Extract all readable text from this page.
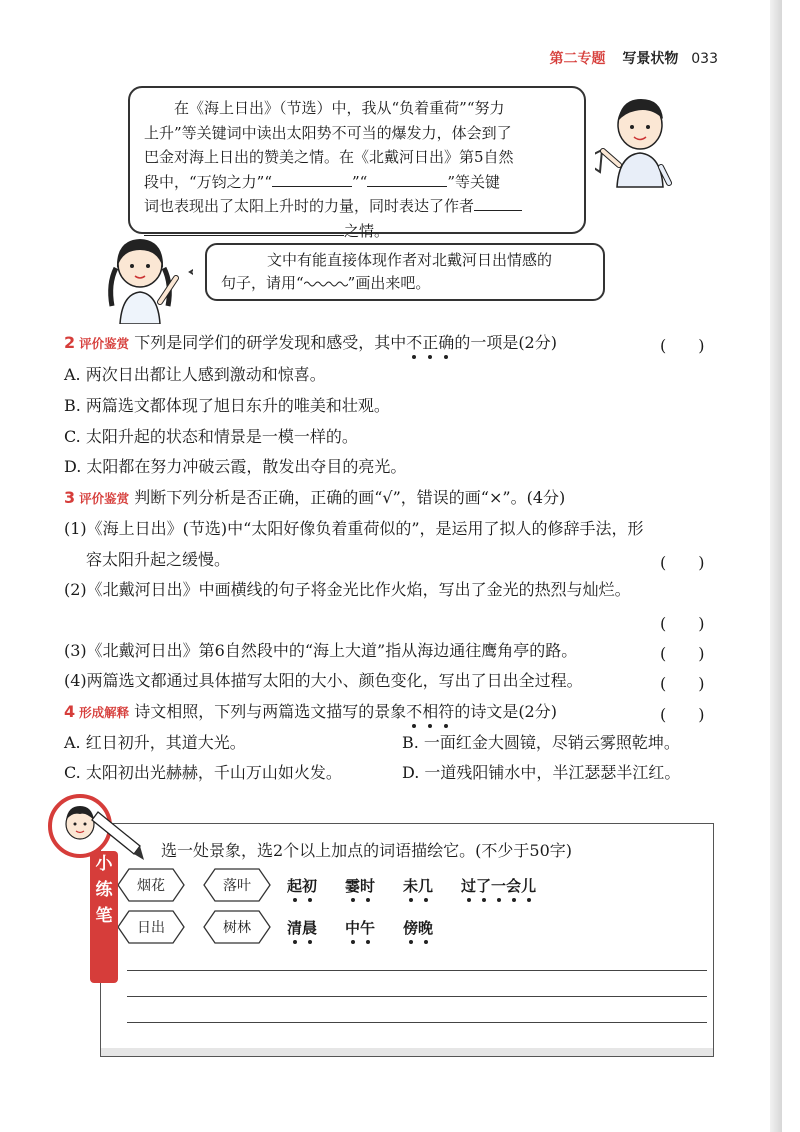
第二专题 写景状物 033
在《海上日出》（节选）中，我从“负着重荷”“努力
上升”等关键词中读出太阳势不可当的爆发力，体会到了
巴金对海上日出的赞美之情。在《北戴河日出》第5自然
段中，“万钧之力”“	”“	”等关键
词也表现出了太阳上升时的力量，同时表达了作者
之情。
文中有能直接体现作者对北戴河日出情感的
句子，请用“	”画出来吧。
2 评价鉴赏 下列是同学们的研学发现和感受，其中不正确的一项是(2分)	(　　)
A. 两次日出都让人感到激动和惊喜。
B. 两篇选文都体现了旭日东升的唯美和壮观。
C. 太阳升起的状态和情景是一模一样的。
D. 太阳都在努力冲破云霞，散发出夺目的亮光。
3 评价鉴赏 判断下列分析是否正确，正确的画“√”，错误的画“×”。(4分)
(1)《海上日出》(节选)中“太阳好像负着重荷似的”，是运用了拟人的修辞手法，形
容太阳升起之缓慢。	(　　)
(2)《北戴河日出》中画横线的句子将金光比作火焰，写出了金光的热烈与灿烂。
(　　)
(3)《北戴河日出》第6自然段中的“海上大道”指从海边通往鹰角亭的路。	(　　)
(4)两篇选文都通过具体描写太阳的大小、颜色变化，写出了日出全过程。	(　　)
4 形成解释 诗文相照，下列与两篇选文描写的景象不相符的诗文是(2分)	(　　)
A. 红日初升，其道大光。	B. 一面红金大圆镜，尽销云雾照乾坤。
C. 太阳初出光赫赫，千山万山如火发。	D. 一道残阳铺水中，半江瑟瑟半江红。
选一处景象，选2个以上加点的词语描绘它。(不少于50字)
烟花	落叶
日出	树林
起初 霎时 未几 过了一会儿
清晨 中午 傍晚
小
练
笔
